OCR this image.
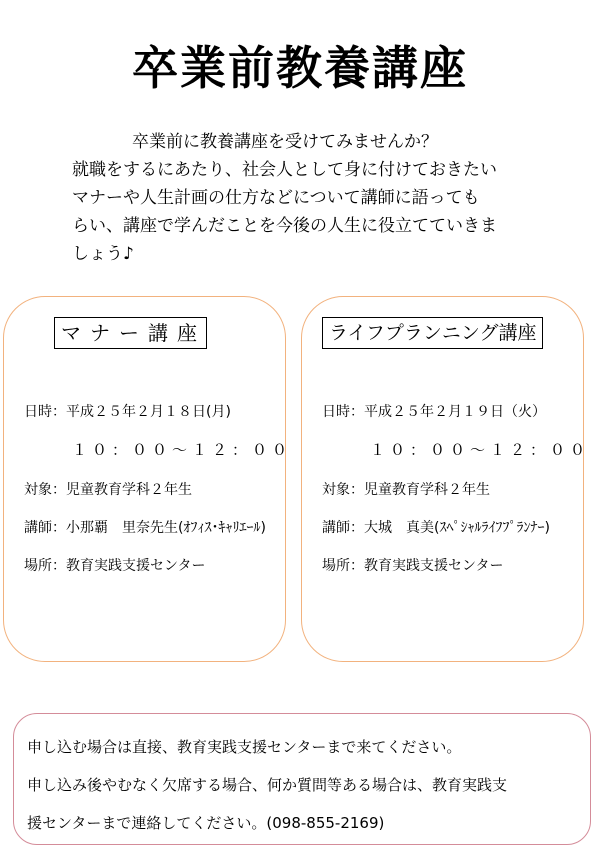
卒業前教養講座

卒業前に教養講座を受けてみませんか？

就職をするにあたり、社会人として身に付けておきたい

マナーや人生計画の仕方などについて講師に語っても

らい、講座で学んだことを今後の人生に役立てていきま

しょう♪

マナー講座
日時：平成２５年２月１８日(月)
１０：００～１２：００
対象：児童教育学科２年生
講師：小那覇　里奈先生(ｵﾌｨｽ･ｷｬﾘｴｰﾙ)
場所：教育実践支援センター
ライフプランニング講座
日時：平成２５年２月１９日（火）
１０：００～１２：００
対象：児童教育学科２年生
講師：大城　真美(ｽﾍﾟｼｬﾙﾗｲﾌﾌﾟﾗﾝﾅｰ)
場所：教育実践支援センター

申し込む場合は直接、教育実践支援センターまで来てください。

申し込み後やむなく欠席する場合、何か質問等ある場合は、教育実践支

援センターまで連絡してください。(098-855-2169)
